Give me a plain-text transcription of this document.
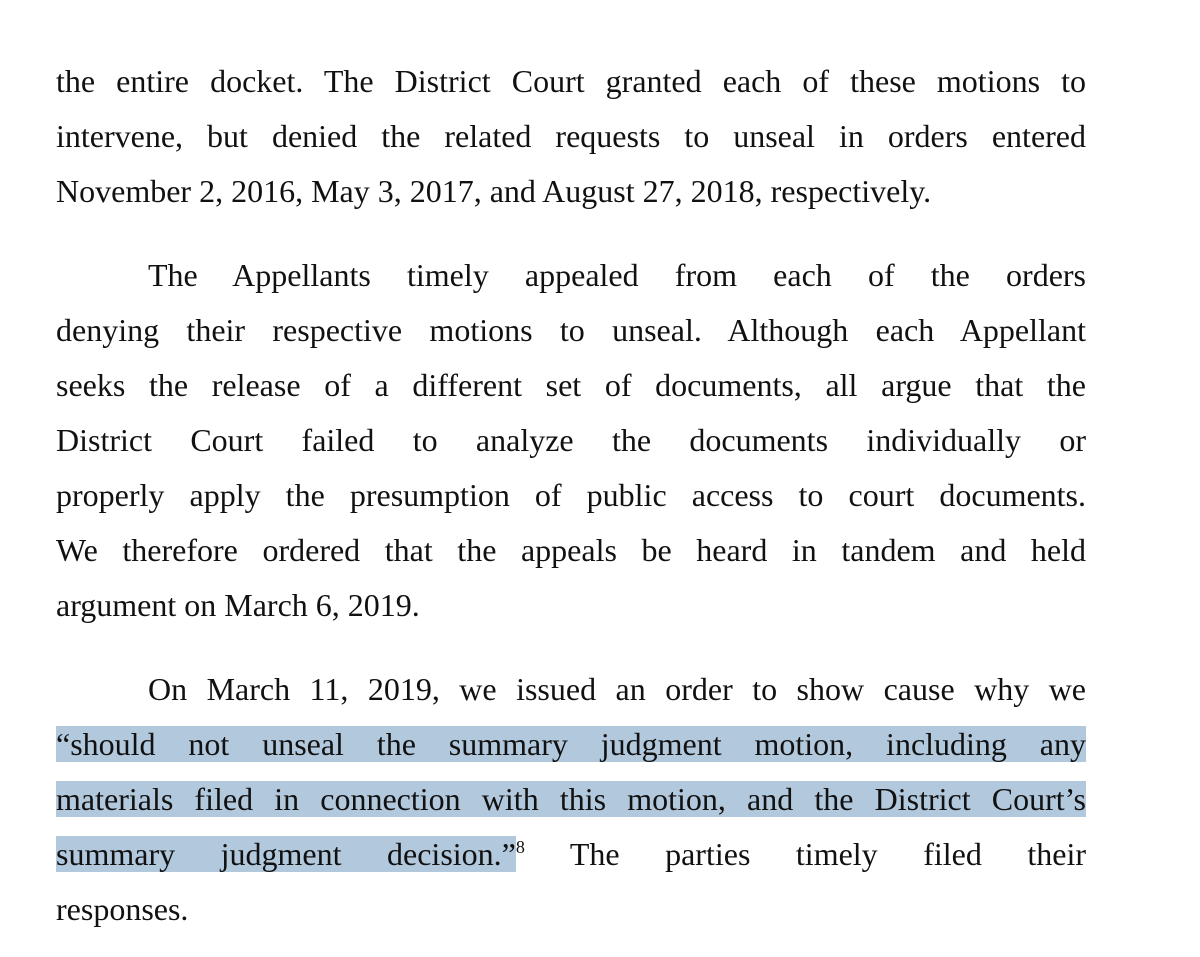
the entire docket. The District Court granted each of these motions to
intervene, but denied the related requests to unseal in orders entered
November 2, 2016, May 3, 2017, and August 27, 2018, respectively.
The Appellants timely appealed from each of the orders
denying their respective motions to unseal. Although each Appellant
seeks the release of a different set of documents, all argue that the
District Court failed to analyze the documents individually or
properly apply the presumption of public access to court documents.
We therefore ordered that the appeals be heard in tandem and held
argument on March 6, 2019.
On March 11, 2019, we issued an order to show cause why we
“should not unseal the summary judgment motion, including any
materials filed in connection with this motion, and the District Court’s
summary judgment decision.”$^8$ The parties timely filed their
responses.
